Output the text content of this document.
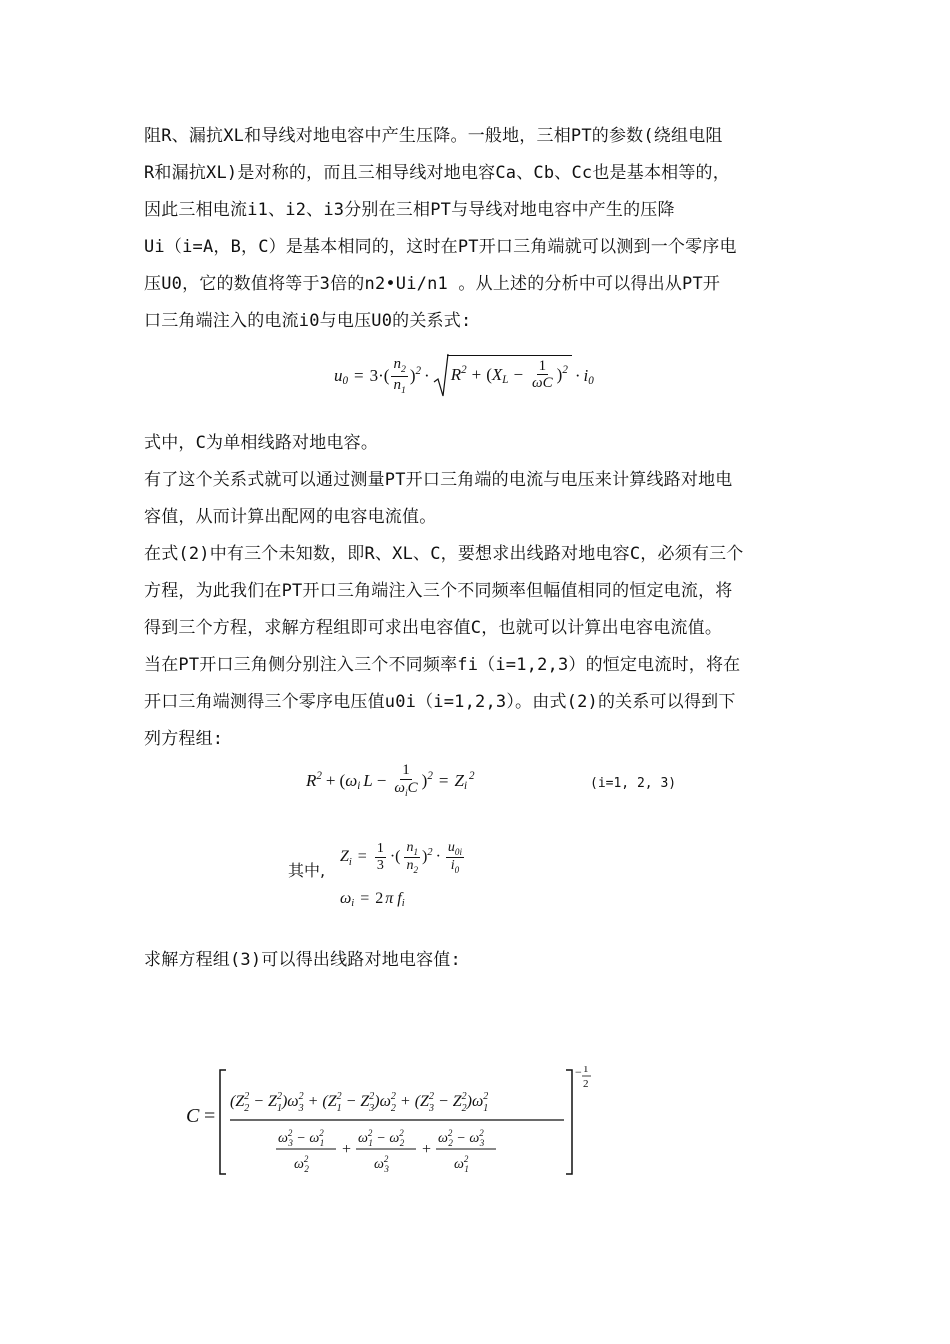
阻R、漏抗XL和导线对地电容中产生压降。一般地，三相PT的参数(绕组电阻
R和漏抗XL)是对称的，而且三相导线对地电容Ca、Cb、Cc也是基本相等的，
因此三相电流i1、i2、i3分别在三相PT与导线对地电容中产生的压降
Ui（i=A，B，C）是基本相同的，这时在PT开口三角端就可以测到一个零序电
压U0，它的数值将等于3倍的n2•Ui/n1 。从上述的分析中可以得出从PT开
口三角端注入的电流i0与电压U0的关系式:
$u_0 = 3\cdot( \frac{n_2}{n_1} )^2 \cdot R^2$ + ( $X_L - \frac{1}{\omega C} )^2 \cdot i_0$
式中，C为单相线路对地电容。
有了这个关系式就可以通过测量PT开口三角端的电流与电压来计算线路对地电
容值，从而计算出配网的电容电流值。
在式(2)中有三个未知数，即R、XL、C，要想求出线路对地电容C，必须有三个
方程，为此我们在PT开口三角端注入三个不同频率但幅值相同的恒定电流，将
得到三个方程，求解方程组即可求出电容值C，也就可以计算出电容电流值。
当在PT开口三角侧分别注入三个不同频率fi（i=1,2,3）的恒定电流时，将在
开口三角端测得三个零序电压值u0i（i=1,2,3）。由式(2)的关系可以得到下
列方程组:
$R^2$ + ( $\omega_i$ $L - \frac{1}{\omega_iC} )^2 = Z_i$
$^2$
(i=1, 2, 3)
其中,
$Z_i = \frac{1}{3}$ ·( $\frac{n_1}{n_2} )^2 \cdot \frac{u_{0i}}{i_0}$
$\omega_i = 2$ π $f_i$
求解方程组(3)可以得出线路对地电容值:
C =
($Z^2$ $2 - Z^2$ $1)\omega^2$ $3 + (Z^2$ $1 - Z^2$ $3)\omega^2$ $2 + (Z^2$ $3 - Z^2$ $2)\omega^2$ 1
$\omega^2$ $3 - \omega^2$ 1
$\omega^2$ 2
+
$\omega^2$ $1 - \omega^2$ 2
$\omega^2$ 3
+
$\omega^2$ $2 - \omega^2$ 3
$\omega^2$ 1
− 1
2
